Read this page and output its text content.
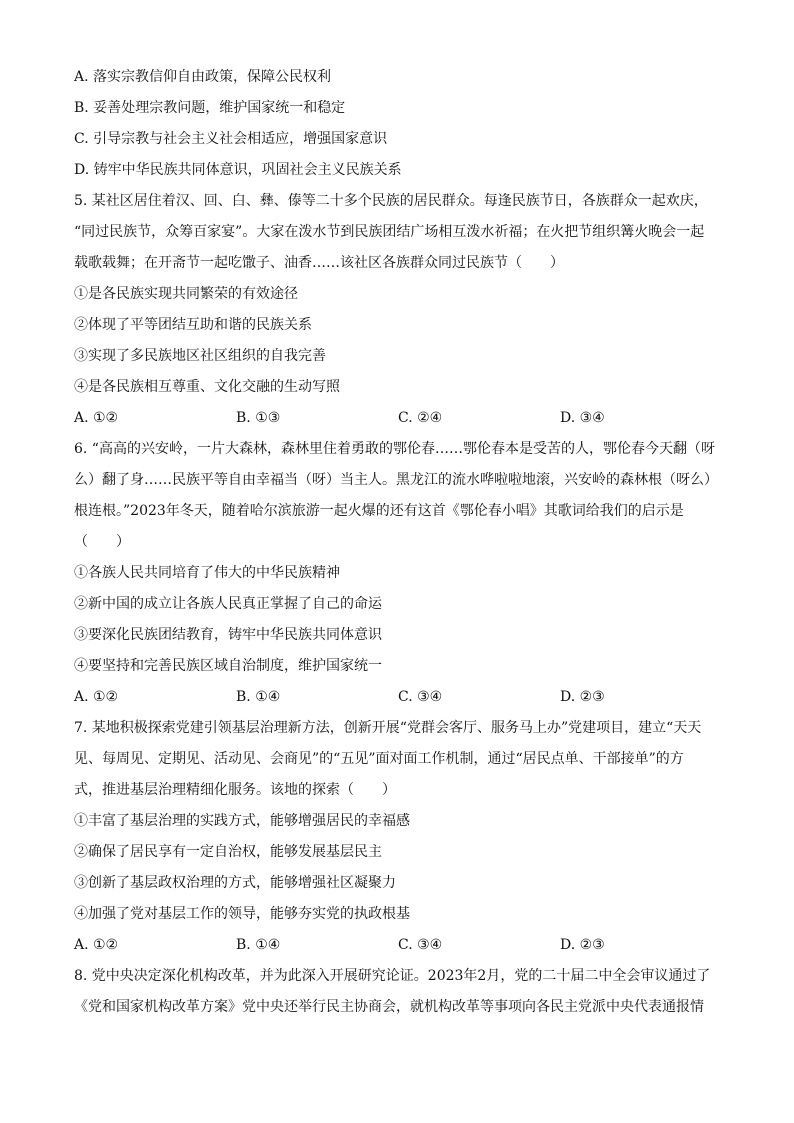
A. 落实宗教信仰自由政策，保障公民权利
B. 妥善处理宗教问题，维护国家统一和稳定
C. 引导宗教与社会主义社会相适应，增强国家意识
D. 铸牢中华民族共同体意识，巩固社会主义民族关系
5. 某社区居住着汉、回、白、彝、傣等二十多个民族的居民群众。每逢民族节日，各族群众一起欢庆，
“同过民族节，众筹百家宴”。大家在泼水节到民族团结广场相互泼水祈福；在火把节组织篝火晚会一起
载歌载舞；在开斋节一起吃馓子、油香……该社区各族群众同过民族节（　　）
①是各民族实现共同繁荣的有效途径
②体现了平等团结互助和谐的民族关系
③实现了多民族地区社区组织的自我完善
④是各民族相互尊重、文化交融的生动写照
A. ①②	B. ①③	C. ②④	D. ③④
6. “高高的兴安岭，一片大森林，森林里住着勇敢的鄂伦春……鄂伦春本是受苦的人，鄂伦春今天翻（呀
么）翻了身……民族平等自由幸福当（呀）当主人。黑龙江的流水哗啦啦地滚，兴安岭的森林根（呀么）
根连根。”2023年冬天，随着哈尔滨旅游一起火爆的还有这首《鄂伦春小唱》其歌词给我们的启示是
（　　）
①各族人民共同培育了伟大的中华民族精神
②新中国的成立让各族人民真正掌握了自己的命运
③要深化民族团结教育，铸牢中华民族共同体意识
④要坚持和完善民族区域自治制度，维护国家统一
A. ①②	B. ①④	C. ③④	D. ②③
7. 某地积极探索党建引领基层治理新方法，创新开展“党群会客厅、服务马上办”党建项目，建立“天天
见、每周见、定期见、活动见、会商见”的“五见”面对面工作机制，通过“居民点单、干部接单”的方
式，推进基层治理精细化服务。该地的探索（　　）
①丰富了基层治理的实践方式，能够增强居民的幸福感
②确保了居民享有一定自治权，能够发展基层民主
③创新了基层政权治理的方式，能够增强社区凝聚力
④加强了党对基层工作的领导，能够夯实党的执政根基
A. ①②	B. ①④	C. ③④	D. ②③
8. 党中央决定深化机构改革，并为此深入开展研究论证。2023年2月，党的二十届二中全会审议通过了
《党和国家机构改革方案》党中央还举行民主协商会，就机构改革等事项向各民主党派中央代表通报情
